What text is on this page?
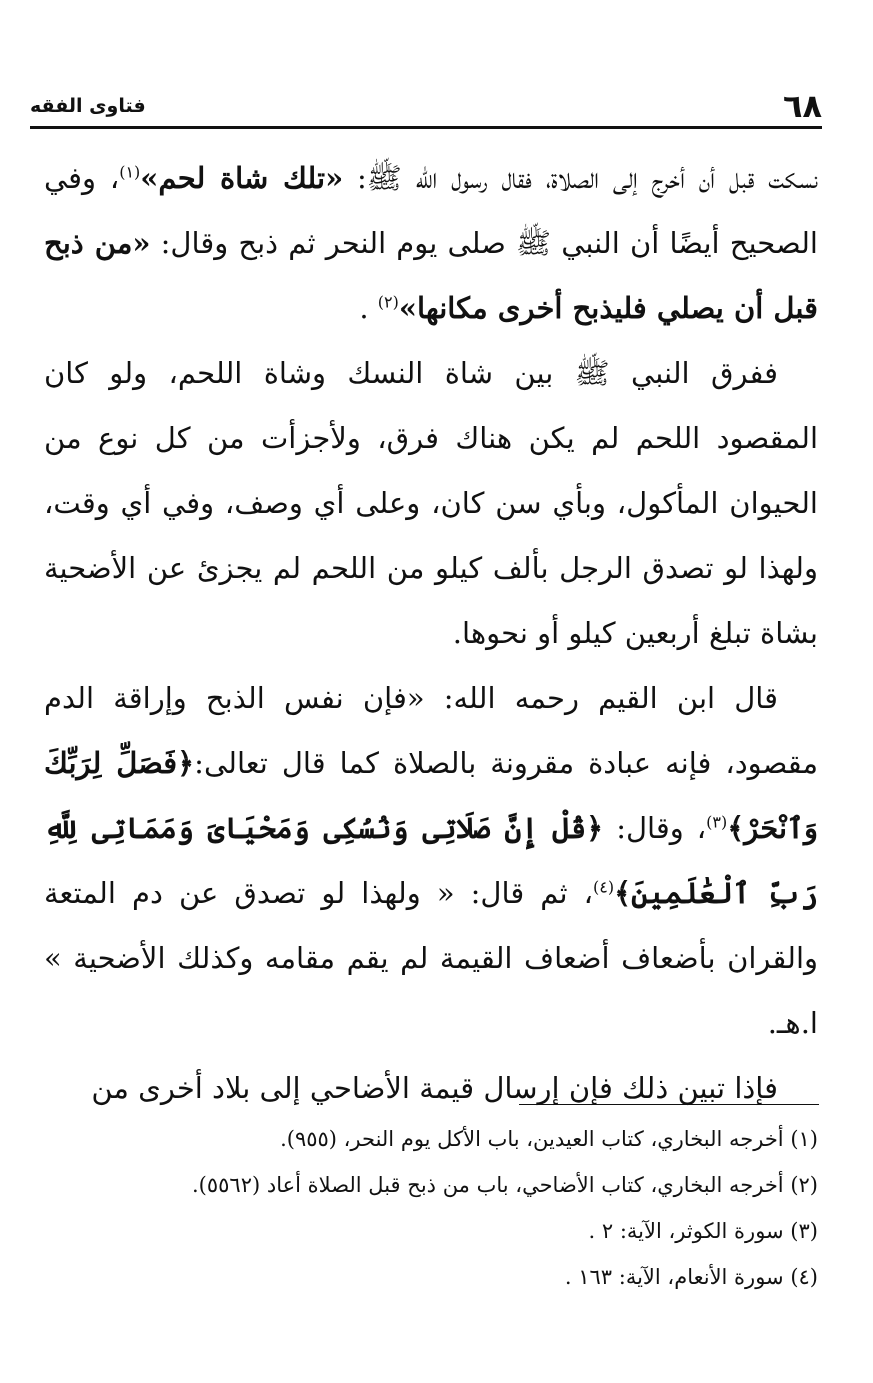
٦٨
فتاوى الفقه

نسكت قبل أن أخرج إلى الصلاة، فقال رسول الله ﷺ: «تلك شاة لحم»$^{(١)}$، وفي الصحيح أيضًا أن النبي ﷺ صلى يوم النحر ثم ذبح وقال: «من ذبح قبل أن يصلي فليذبح أخرى مكانها»$^{(٢)}$ .

ففرق النبي ﷺ بين شاة النسك وشاة اللحم، ولو كان المقصود اللحم لم يكن هناك فرق، ولأجزأت من كل نوع من الحيوان المأكول، وبأي سن كان، وعلى أي وصف، وفي أي وقت، ولهذا لو تصدق الرجل بألف كيلو من اللحم لم يجزئ عن الأضحية بشاة تبلغ أربعين كيلو أو نحوها.

قال ابن القيم رحمه الله: «فإن نفس الذبح وإراقة الدم مقصود، فإنه عبادة مقرونة بالصلاة كما قال تعالى:﴿فَصَلِّ لِرَبِّكَ وَٱنْحَرْ﴾$^{(٣)}$، وقال: ﴿قُلْ إِنَّ صَلَاتِى وَنُسُكِى وَمَحْيَاىَ وَمَمَاتِى لِلَّهِ رَبِّ ٱلْعَٰلَمِينَ﴾$^{(٤)}$، ثم قال: « ولهذا لو تصدق عن دم المتعة والقران بأضعاف أضعاف القيمة لم يقم مقامه وكذلك الأضحية » ا.هـ.

فإذا تبين ذلك فإن إرسال قيمة الأضاحي إلى بلاد أخرى من

(١) أخرجه البخاري، كتاب العيدين، باب الأكل يوم النحر، (٩٥٥).

(٢) أخرجه البخاري، كتاب الأضاحي، باب من ذبح قبل الصلاة أعاد (٥٥٦٢).

(٣) سورة الكوثر، الآية: ٢ .

(٤) سورة الأنعام، الآية: ١٦٣ .
